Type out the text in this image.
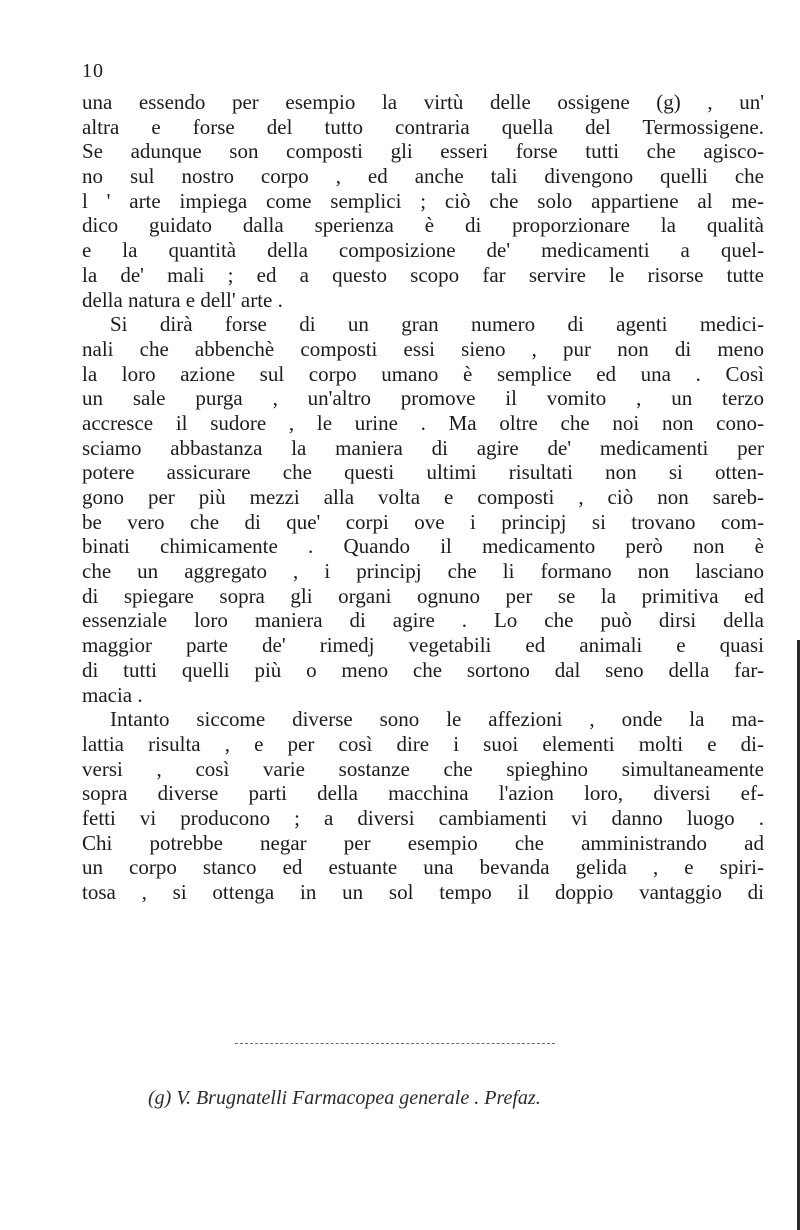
10
una essendo per esempio la virtù delle ossigene (g) , un'
altra e forse del tutto contraria quella del Termossigene.
Se adunque son composti gli esseri forse tutti che agisco-
no sul nostro corpo , ed anche tali divengono quelli che
l ' arte impiega come semplici ; ciò che solo appartiene al me-
dico guidato dalla sperienza è di proporzionare la qualità
e la quantità della composizione de' medicamenti a quel-
la de' mali ; ed a questo scopo far servire le risorse tutte
della natura e dell' arte .
Si dirà forse di un gran numero di agenti medici-
nali che abbenchè composti essi sieno , pur non di meno
la loro azione sul corpo umano è semplice ed una . Così
un sale purga , un'altro promove il vomito , un terzo
accresce il sudore , le urine . Ma oltre che noi non cono-
sciamo abbastanza la maniera di agire de' medicamenti per
potere assicurare che questi ultimi risultati non si otten-
gono per più mezzi alla volta e composti , ciò non sareb-
be vero che di que' corpi ove i principj si trovano com-
binati chimicamente . Quando il medicamento però non è
che un aggregato , i principj che li formano non lasciano
di spiegare sopra gli organi ognuno per se la primitiva ed
essenziale loro maniera di agire . Lo che può dirsi della
maggior parte de' rimedj vegetabili ed animali e quasi
di tutti quelli più o meno che sortono dal seno della far-
macia .
Intanto siccome diverse sono le affezioni , onde la ma-
lattia risulta , e per così dire i suoi elementi molti e di-
versi , così varie sostanze che spieghino simultaneamente
sopra diverse parti della macchina l'azion loro, diversi ef-
fetti vi producono ; a diversi cambiamenti vi danno luogo .
Chi potrebbe negar per esempio che amministrando ad
un corpo stanco ed estuante una bevanda gelida , e spiri-
tosa , si ottenga in un sol tempo il doppio vantaggio di
(g) V. Brugnatelli Farmacopea generale . Prefaz.
